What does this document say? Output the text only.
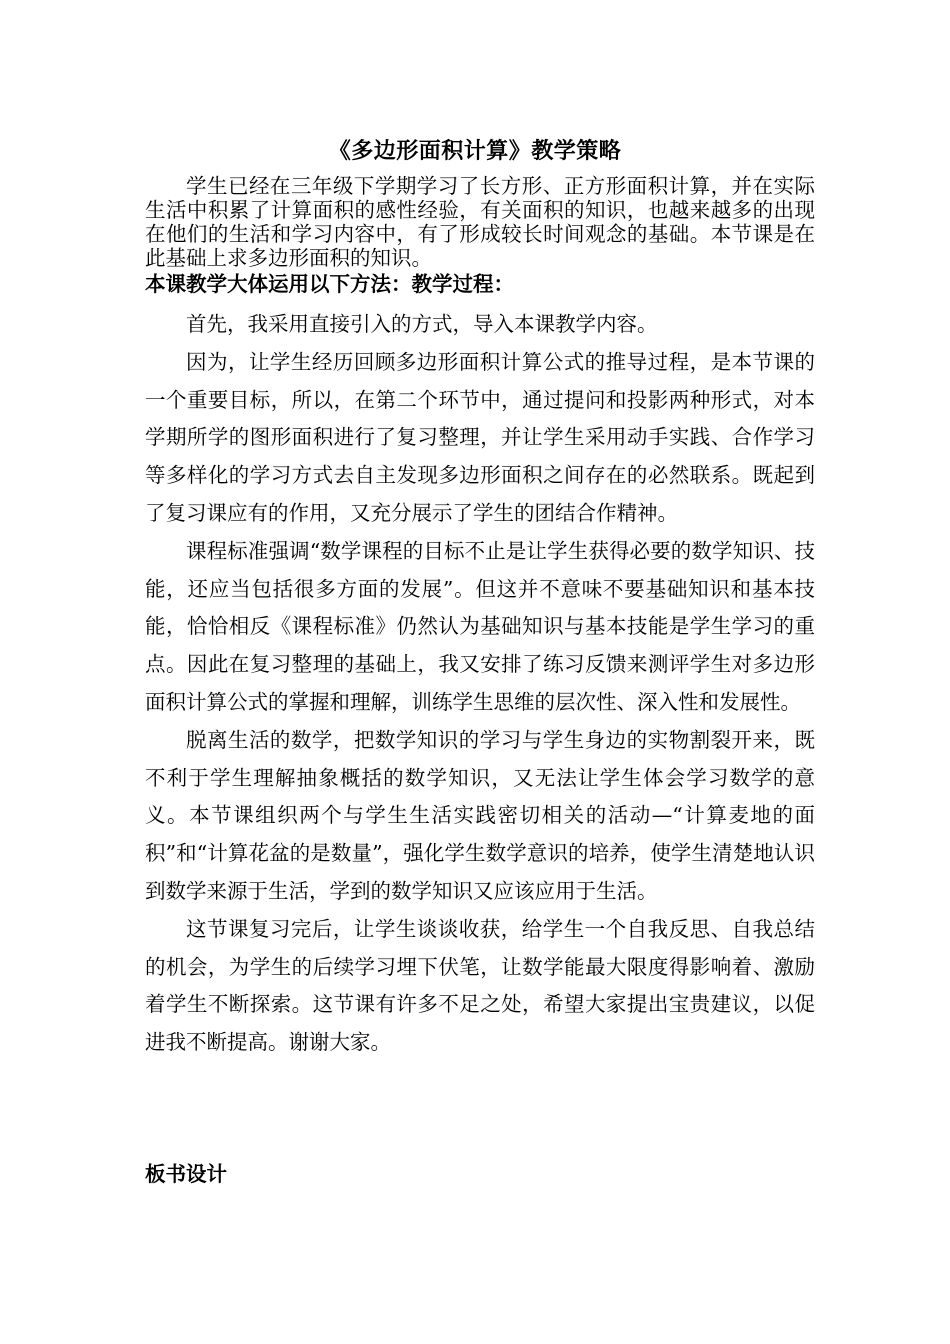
《多边形面积计算》教学策略

学生已经在三年级下学期学习了长方形、正方形面积计算，并在实际生活中积累了计算面积的感性经验，有关面积的知识，也越来越多的出现在他们的生活和学习内容中，有了形成较长时间观念的基础。本节课是在此基础上求多边形面积的知识。

本课教学大体运用以下方法：教学过程：

首先，我采用直接引入的方式，导入本课教学内容。

因为，让学生经历回顾多边形面积计算公式的推导过程，是本节课的一个重要目标，所以，在第二个环节中，通过提问和投影两种形式，对本学期所学的图形面积进行了复习整理，并让学生采用动手实践、合作学习等多样化的学习方式去自主发现多边形面积之间存在的必然联系。既起到了复习课应有的作用，又充分展示了学生的团结合作精神。

课程标准强调“数学课程的目标不止是让学生获得必要的数学知识、技能，还应当包括很多方面的发展”。但这并不意味不要基础知识和基本技能，恰恰相反《课程标准》仍然认为基础知识与基本技能是学生学习的重点。因此在复习整理的基础上，我又安排了练习反馈来测评学生对多边形面积计算公式的掌握和理解，训练学生思维的层次性、深入性和发展性。

脱离生活的数学，把数学知识的学习与学生身边的实物割裂开来，既不利于学生理解抽象概括的数学知识，又无法让学生体会学习数学的意义。本节课组织两个与学生生活实践密切相关的活动—“计算麦地的面积”和“计算花盆的是数量”，强化学生数学意识的培养，使学生清楚地认识到数学来源于生活，学到的数学知识又应该应用于生活。

这节课复习完后，让学生谈谈收获，给学生一个自我反思、自我总结的机会，为学生的后续学习埋下伏笔，让数学能最大限度得影响着、激励着学生不断探索。这节课有许多不足之处，希望大家提出宝贵建议，以促进我不断提高。谢谢大家。

板书设计
